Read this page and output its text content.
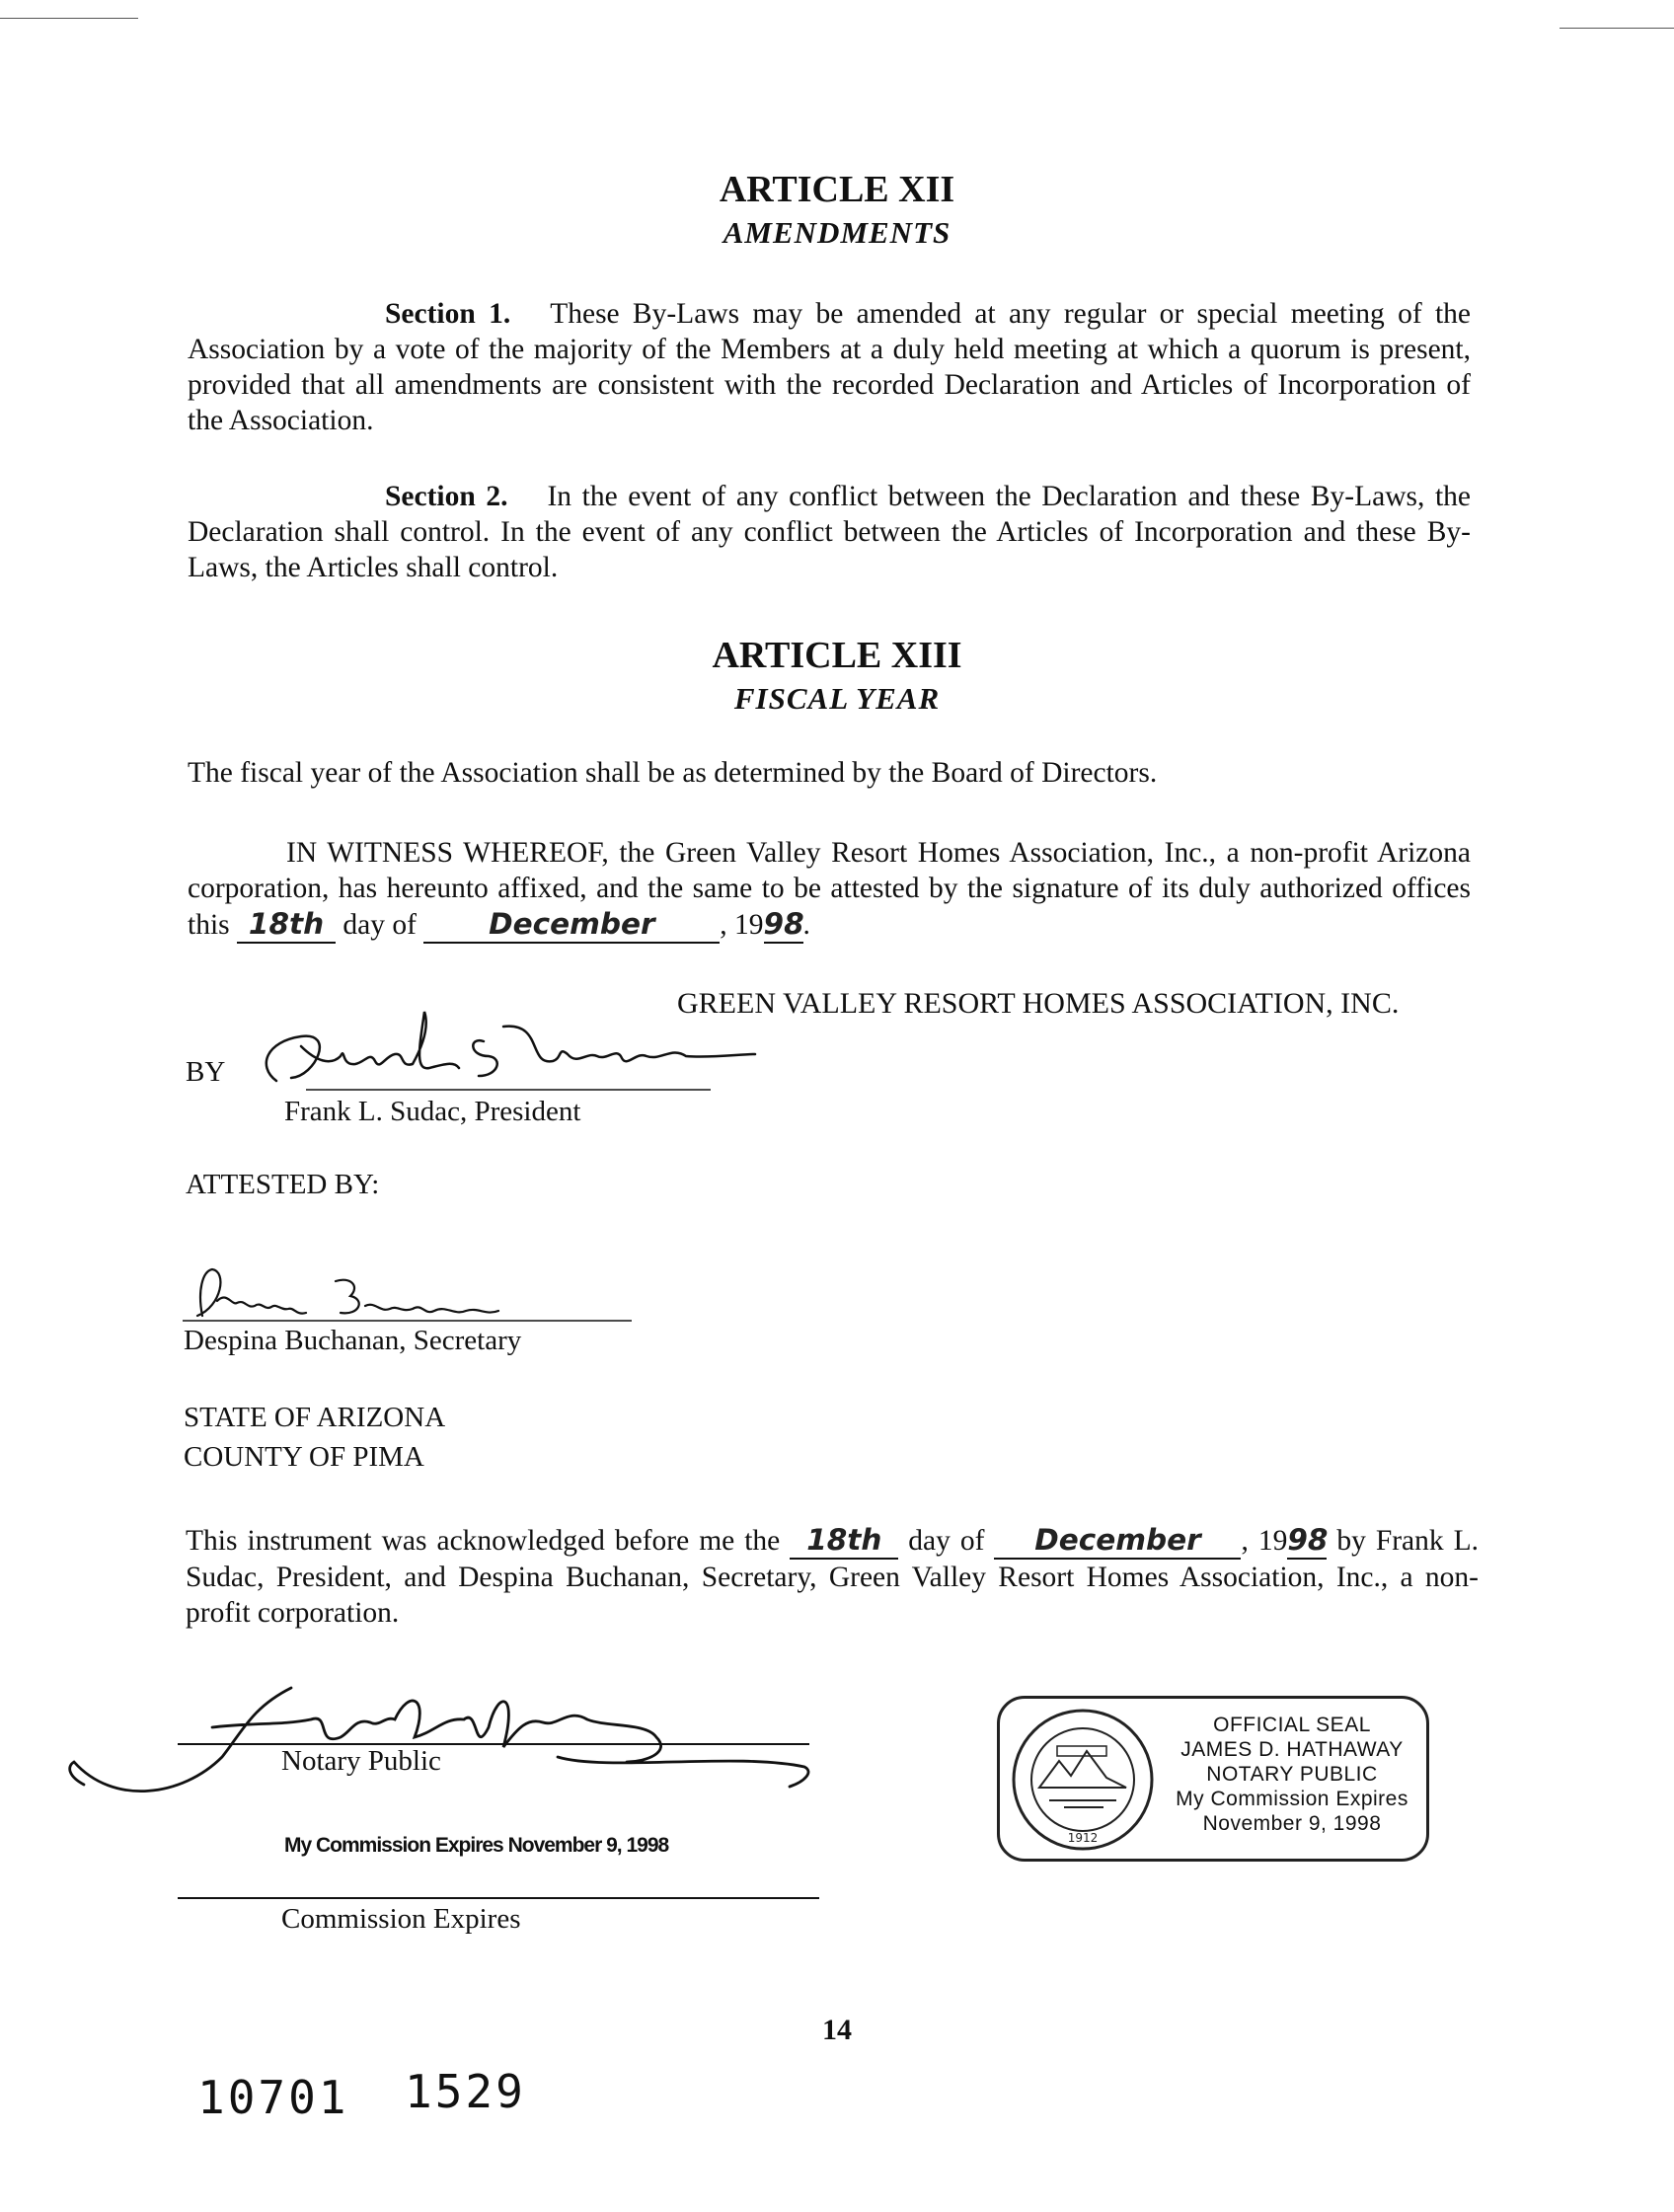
ARTICLE XII
AMENDMENTS
Section 1. These By-Laws may be amended at any regular or special meeting of the Association by a vote of the majority of the Members at a duly held meeting at which a quorum is present, provided that all amendments are consistent with the recorded Declaration and Articles of Incorporation of the Association.
Section 2. In the event of any conflict between the Declaration and these By-Laws, the Declaration shall control. In the event of any conflict between the Articles of Incorporation and these By-Laws, the Articles shall control.
ARTICLE XIII
FISCAL YEAR
The fiscal year of the Association shall be as determined by the Board of Directors.
IN WITNESS WHEREOF, the Green Valley Resort Homes Association, Inc., a non-profit Arizona corporation, has hereunto affixed, and the same to be attested by the signature of its duly authorized offices this 18th day of December , 1998.
GREEN VALLEY RESORT HOMES ASSOCIATION, INC.
BY
Frank L. Sudac, President
ATTESTED BY:
Despina Buchanan, Secretary
STATE OF ARIZONA
COUNTY OF PIMA
This instrument was acknowledged before me the 18th day of December , 1998 by Frank L. Sudac, President, and Despina Buchanan, Secretary, Green Valley Resort Homes Association, Inc., a non-profit corporation.
Notary Public
My Commission Expires November 9, 1998
Commission Expires
1912
OFFICIAL SEAL
JAMES D. HATHAWAY
NOTARY PUBLIC
My Commission Expires
November 9, 1998
14
10701 1529
